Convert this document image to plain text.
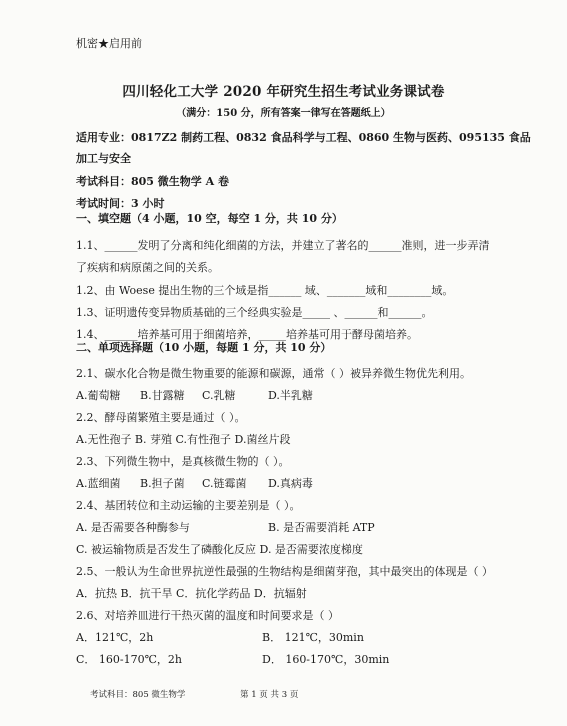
机密★启用前
四川轻化工大学 2020 年研究生招生考试业务课试卷
（满分：150 分，所有答案一律写在答题纸上）
适用专业：0817Z2 制药工程、0832 食品科学与工程、0860 生物与医药、095135 食品
加工与安全
考试科目：805 微生物学 A 卷
考试时间：3 小时
一、填空题（4 小题，10 空，每空 1 分，共 10 分）
1.1、______发明了分离和纯化细菌的方法，并建立了著名的______准则，进一步弄清
了疾病和病原菌之间的关系。
1.2、由 Woese 提出生物的三个域是指______ 域、_______域和________域。
1.3、证明遗传变异物质基础的三个经典实验是_____ 、______和______。
1.4、______培养基可用于细菌培养，_____培养基可用于酵母菌培养。
二、单项选择题（10 小题，每题 1 分，共 10 分）
2.1、碳水化合物是微生物重要的能源和碳源，通常（ ）被异养微生物优先利用。
A.葡萄糖 B.甘露糖 C.乳糖	D.半乳糖
2.2、酵母菌繁殖主要是通过（ ）。
A.无性孢子 B. 芽殖 C.有性孢子 D.菌丝片段
2.3、下列微生物中，是真核微生物的（ ）。
A.蓝细菌 B.担子菌 C.链霉菌 D.真病毒
2.4、基团转位和主动运输的主要差别是（ ）。
A. 是否需要各种酶参与	B. 是否需要消耗 ATP
C. 被运输物质是否发生了磷酸化反应 D. 是否需要浓度梯度
2.5、一般认为生命世界抗逆性最强的生物结构是细菌芽孢，其中最突出的体现是（ ）
A．抗热 B．抗干旱 C．抗化学药品 D．抗辐射
2.6、对培养皿进行干热灭菌的温度和时间要求是（ ）
A．121℃，2h	B． 121℃，30min
C． 160-170℃，2h	D． 160-170℃，30min
考试科目：805 微生物学	第 1 页 共 3 页
